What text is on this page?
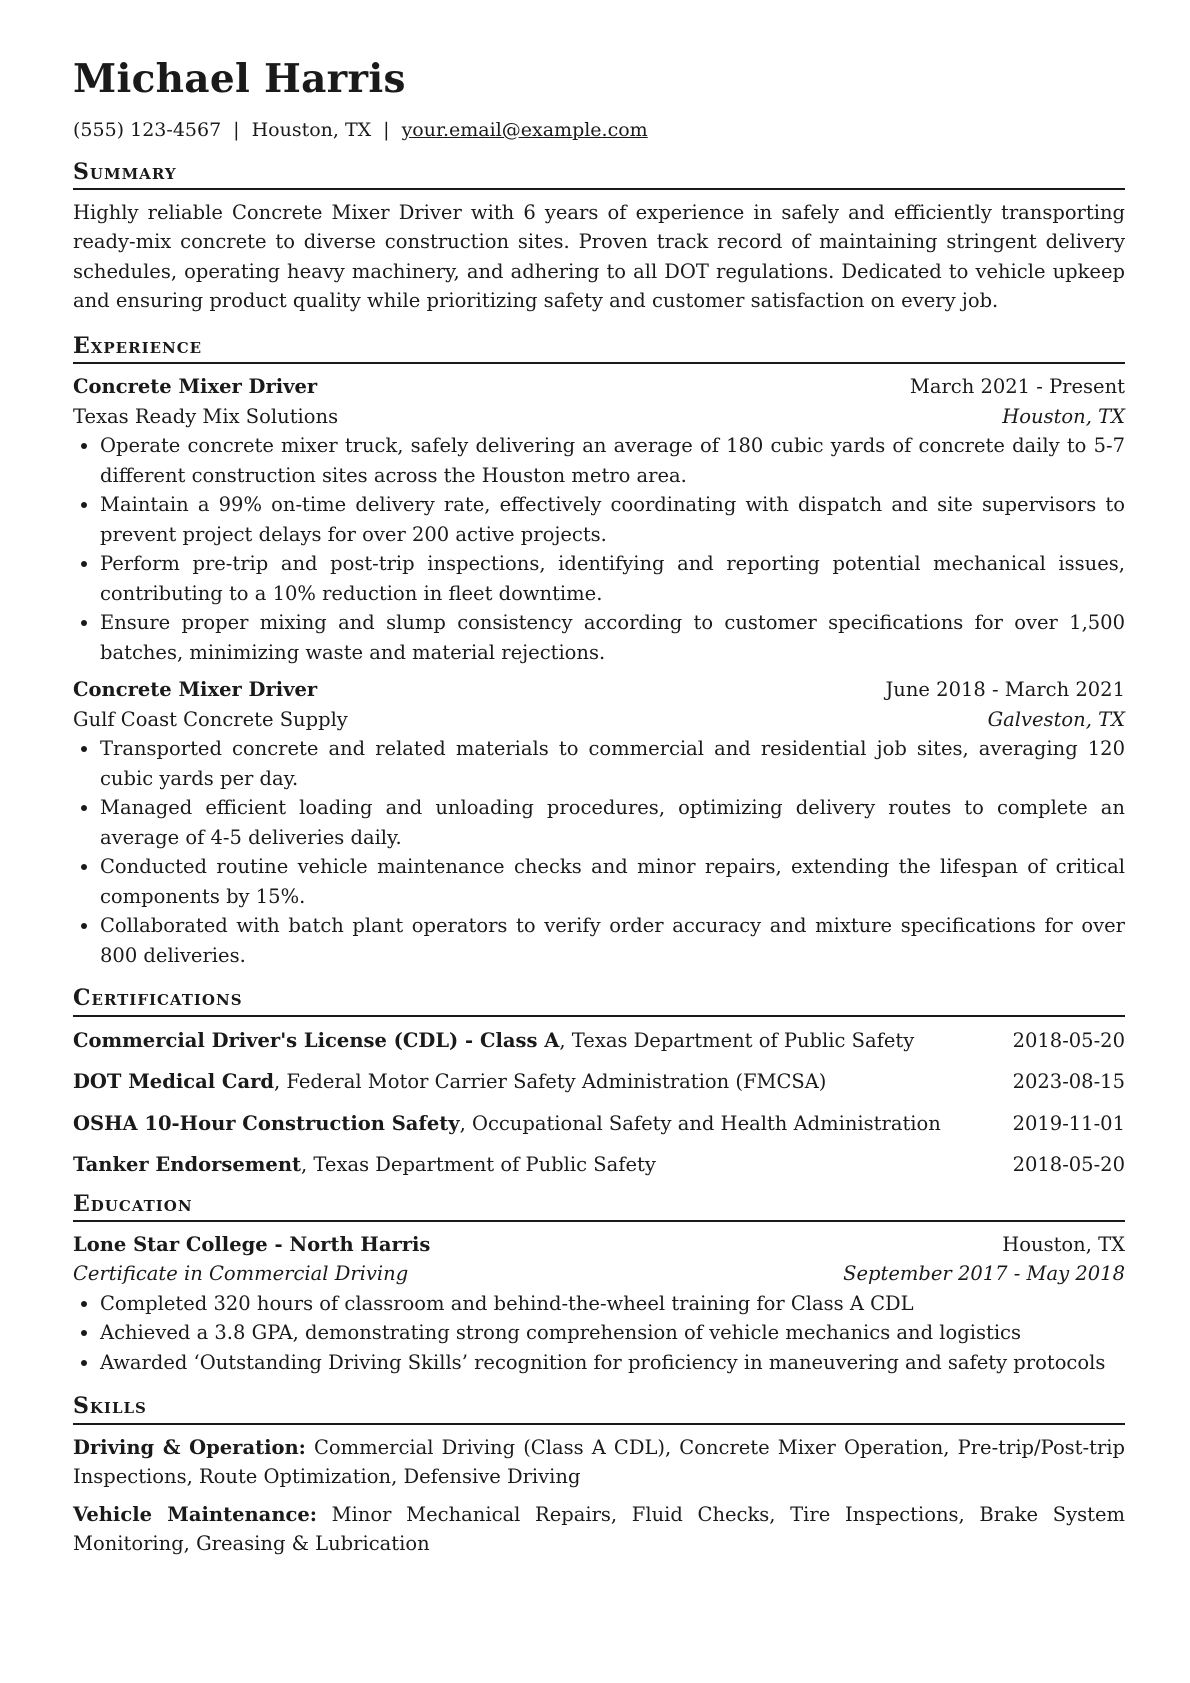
Michael Harris
(555) 123-4567 | Houston, TX | your.email@example.com
Summary
Highly reliable Concrete Mixer Driver with 6 years of experience in safely and efficiently transporting ready-mix concrete to diverse construction sites. Proven track record of maintaining stringent delivery schedules, operating heavy machinery, and adhering to all DOT regulations. Dedicated to vehicle upkeep and ensuring product quality while prioritizing safety and customer satisfaction on every job.
Experience
Concrete Mixer Driver	March 2021 - Present
Texas Ready Mix Solutions	Houston, TX
• Operate concrete mixer truck, safely delivering an average of 180 cubic yards of concrete daily to 5-7 different construction sites across the Houston metro area.
• Maintain a 99% on-time delivery rate, effectively coordinating with dispatch and site supervisors to prevent project delays for over 200 active projects.
• Perform pre-trip and post-trip inspections, identifying and reporting potential mechanical issues, contributing to a 10% reduction in fleet downtime.
• Ensure proper mixing and slump consistency according to customer specifications for over 1,500 batches, minimizing waste and material rejections.
Concrete Mixer Driver	June 2018 - March 2021
Gulf Coast Concrete Supply	Galveston, TX
• Transported concrete and related materials to commercial and residential job sites, averaging 120 cubic yards per day.
• Managed efficient loading and unloading procedures, optimizing delivery routes to complete an average of 4-5 deliveries daily.
• Conducted routine vehicle maintenance checks and minor repairs, extending the lifespan of critical components by 15%.
• Collaborated with batch plant operators to verify order accuracy and mixture specifications for over 800 deliveries.
Certifications
Commercial Driver's License (CDL) - Class A, Texas Department of Public Safety	2018-05-20
DOT Medical Card, Federal Motor Carrier Safety Administration (FMCSA)	2023-08-15
OSHA 10-Hour Construction Safety, Occupational Safety and Health Administration	2019-11-01
Tanker Endorsement, Texas Department of Public Safety	2018-05-20
Education
Lone Star College - North Harris	Houston, TX
Certificate in Commercial Driving	September 2017 - May 2018
• Completed 320 hours of classroom and behind-the-wheel training for Class A CDL
• Achieved a 3.8 GPA, demonstrating strong comprehension of vehicle mechanics and logistics
• Awarded ‘Outstanding Driving Skills’ recognition for proficiency in maneuvering and safety protocols
Skills
Driving & Operation: Commercial Driving (Class A CDL), Concrete Mixer Operation, Pre-trip/Post-trip Inspections, Route Optimization, Defensive Driving
Vehicle Maintenance: Minor Mechanical Repairs, Fluid Checks, Tire Inspections, Brake System Monitoring, Greasing & Lubrication
